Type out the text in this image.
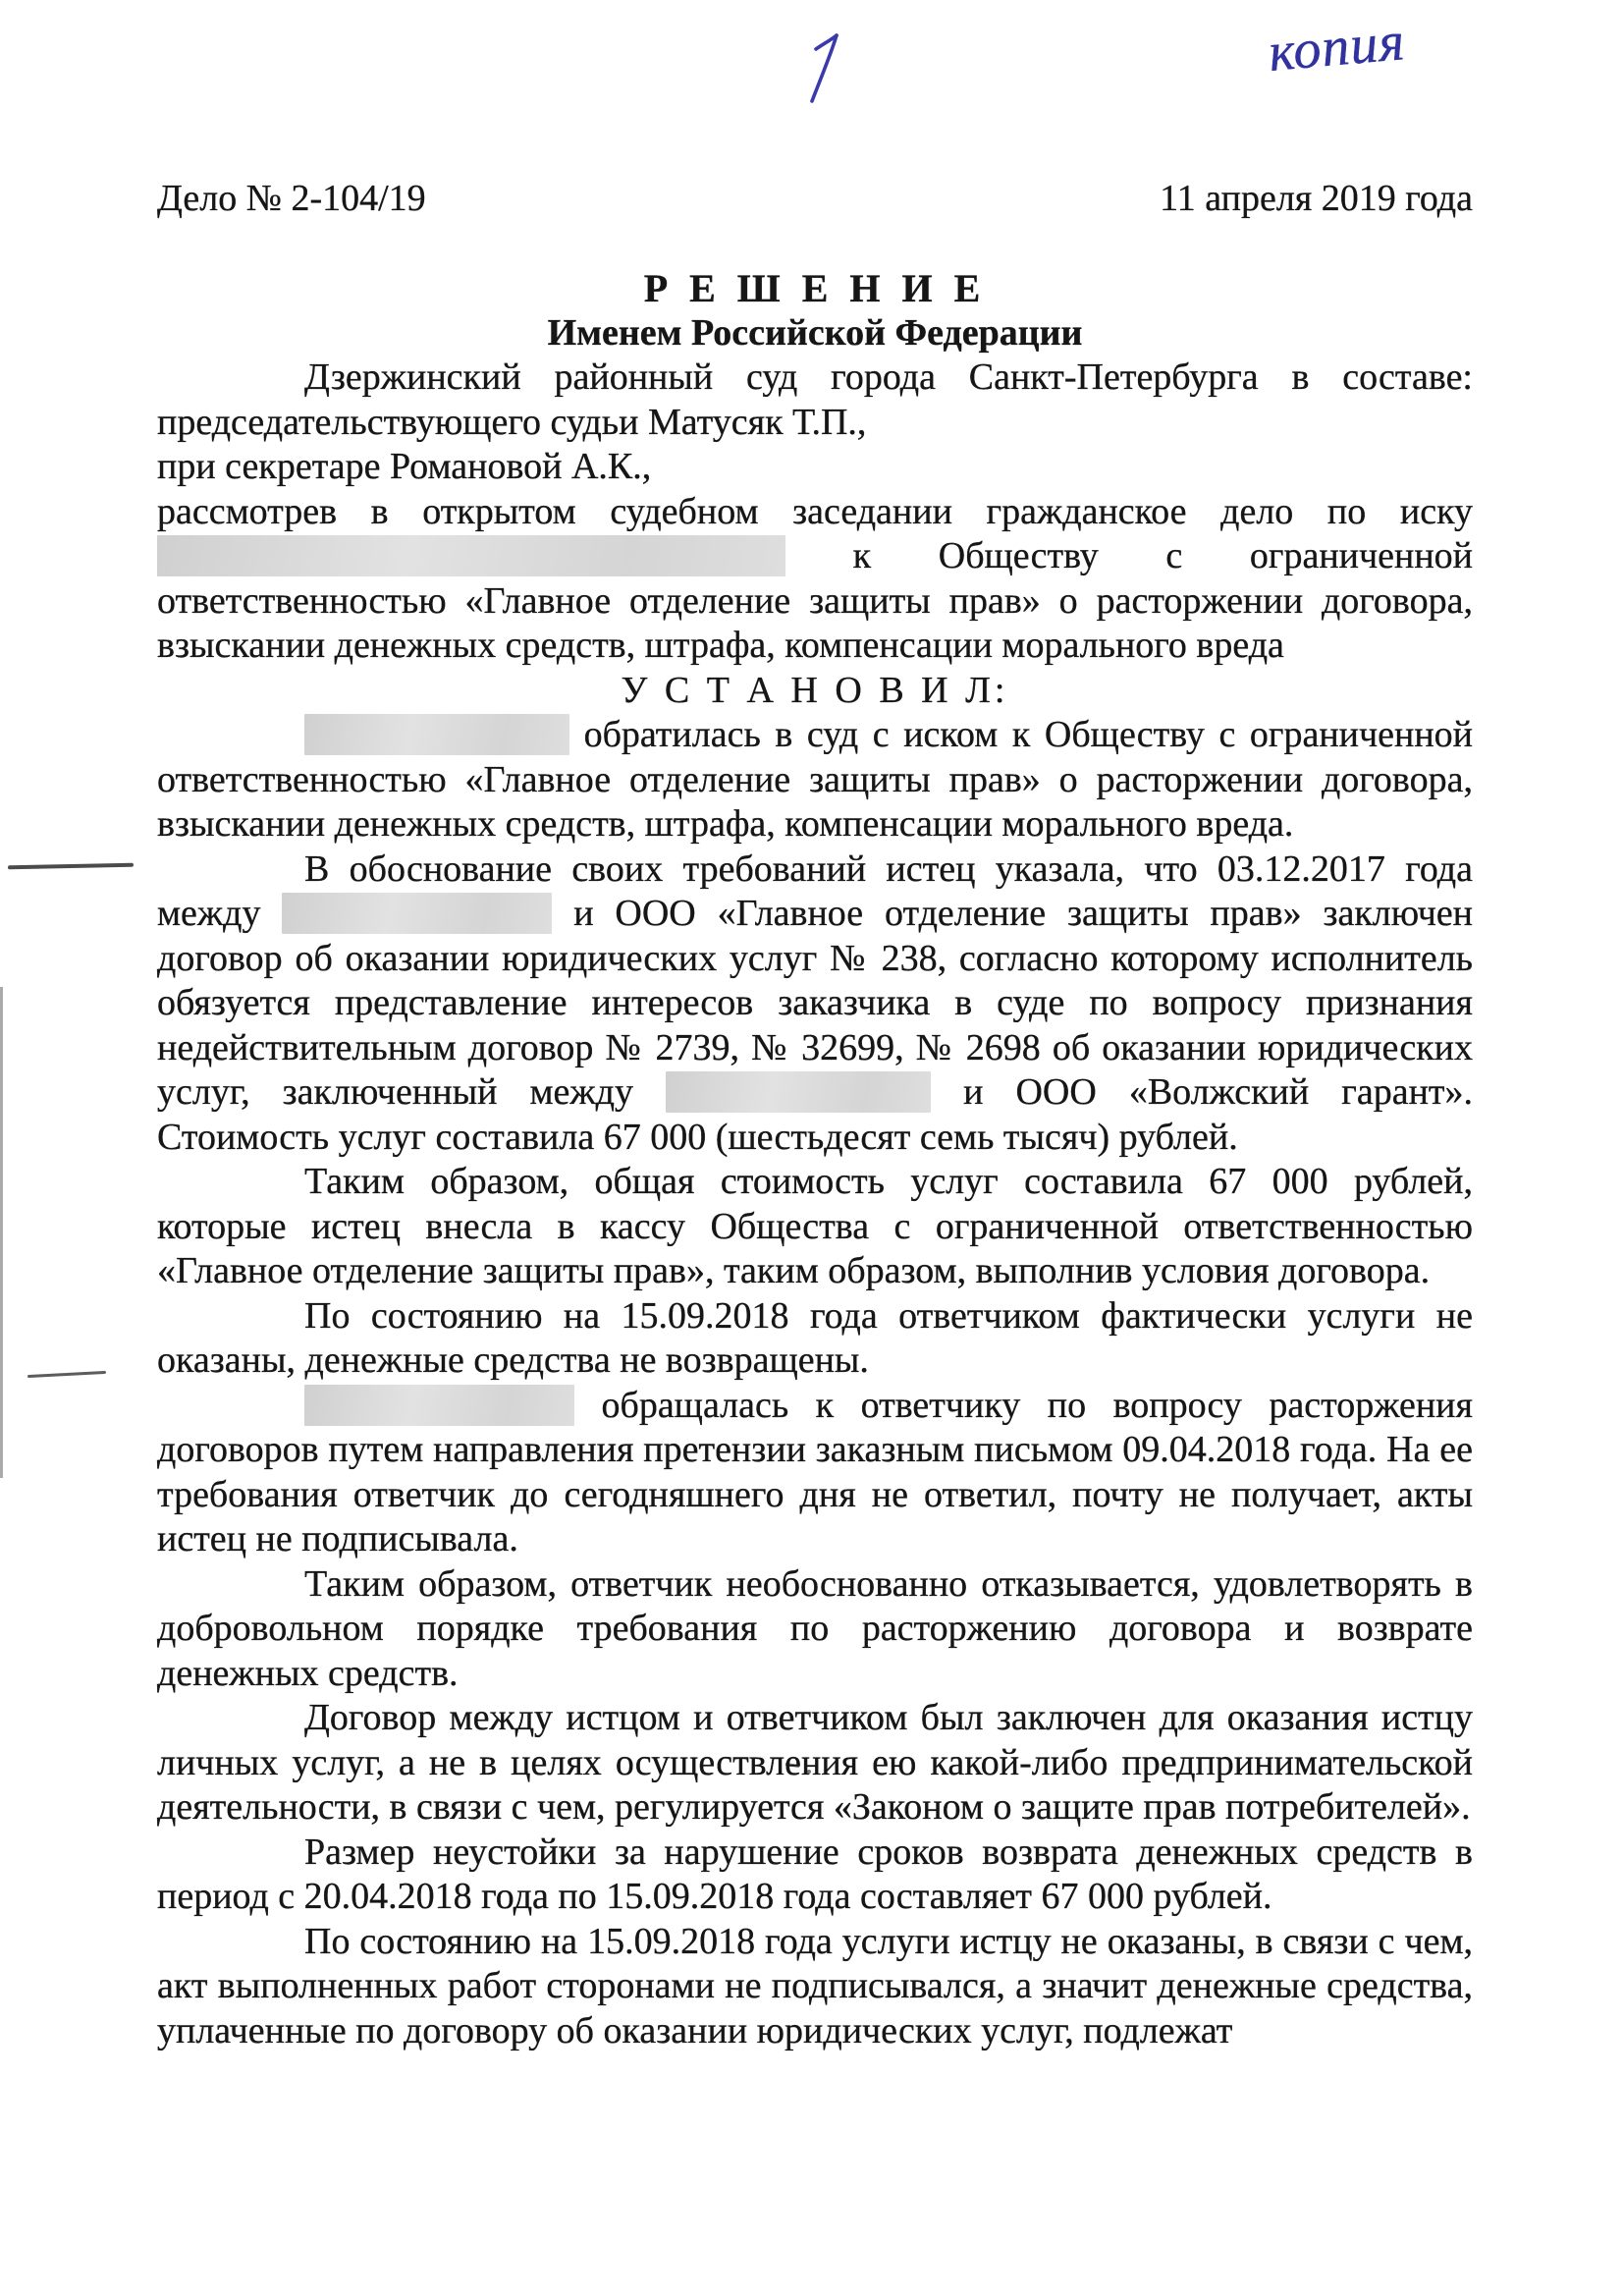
копия
Дело № 2-104/19	11 апреля 2019 года
Р Е Ш Е Н И Е
Именем Российской Федерации

Дзержинский районный суд города Санкт-Петербурга в составе:

председательствующего судьи Матусяк Т.П.,

при секретаре Романовой А.К.,

рассмотрев в открытом судебном заседании гражданское дело по иску  к Обществу с ограниченной ответственностью «Главное отделение защиты прав» о расторжении договора, взыскании денежных средств, штрафа, компенсации морального вреда

У С Т А Н О В И Л:

обратилась в суд с иском к Обществу с ограниченной ответственностью «Главное отделение защиты прав» о расторжении договора, взыскании денежных средств, штрафа, компенсации морального вреда.

В обоснование своих требований истец указала, что 03.12.2017 года между	и ООО «Главное отделение защиты прав» заключен договор об оказании юридических услуг № 238, согласно которому исполнитель обязуется представление интересов заказчика в суде по вопросу признания недействительным договор № 2739, № 32699, № 2698 об оказании юридических услуг, заключенный между	и ООО «Волжский гарант». Стоимость услуг составила 67 000 (шестьдесят семь тысяч) рублей.

Таким образом, общая стоимость услуг составила 67 000 рублей, которые истец внесла в кассу Общества с ограниченной ответственностью «Главное отделение защиты прав», таким образом, выполнив условия договора.

По состоянию на 15.09.2018 года ответчиком фактически услуги не оказаны, денежные средства не возвращены.

обращалась к ответчику по вопросу расторжения договоров путем направления претензии заказным письмом 09.04.2018 года. На ее требования ответчик до сегодняшнего дня не ответил, почту не получает, акты истец не подписывала.

Таким образом, ответчик необоснованно отказывается, удовлетворять в добровольном порядке требования по расторжению договора и возврате денежных средств.

Договор между истцом и ответчиком был заключен для оказания истцу личных услуг, а не в целях осуществления ею какой-либо предпринимательской деятельности, в связи с чем, регулируется «Законом о защите прав потребителей».

Размер неустойки за нарушение сроков возврата денежных средств в период с 20.04.2018 года по 15.09.2018 года составляет 67 000 рублей.

По состоянию на 15.09.2018 года услуги истцу не оказаны, в связи с чем, акт выполненных работ сторонами не подписывался, а значит денежные средства, уплаченные по договору об оказании юридических услуг, подлежат
